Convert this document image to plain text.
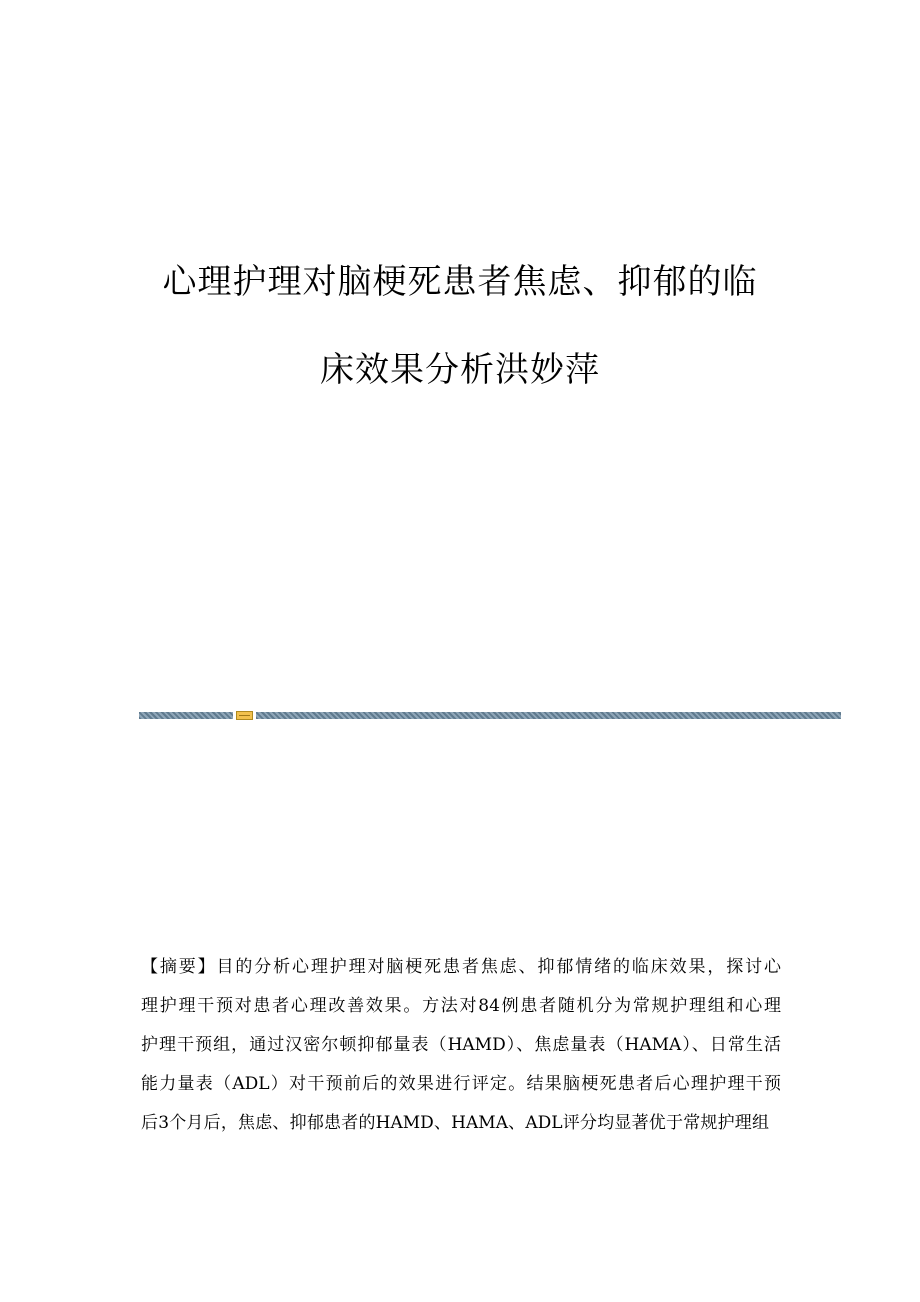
心理护理对脑梗死患者焦虑、抑郁的临
床效果分析洪妙萍
【摘要】目的分析心理护理对脑梗死患者焦虑、抑郁情绪的临床效果，探讨心
理护理干预对患者心理改善效果。方法对84例患者随机分为常规护理组和心理
护理干预组，通过汉密尔顿抑郁量表（HAMD）、焦虑量表（HAMA）、日常生活
能力量表（ADL）对干预前后的效果进行评定。结果脑梗死患者后心理护理干预
后3个月后，焦虑、抑郁患者的HAMD、HAMA、ADL评分均显著优于常规护理组
